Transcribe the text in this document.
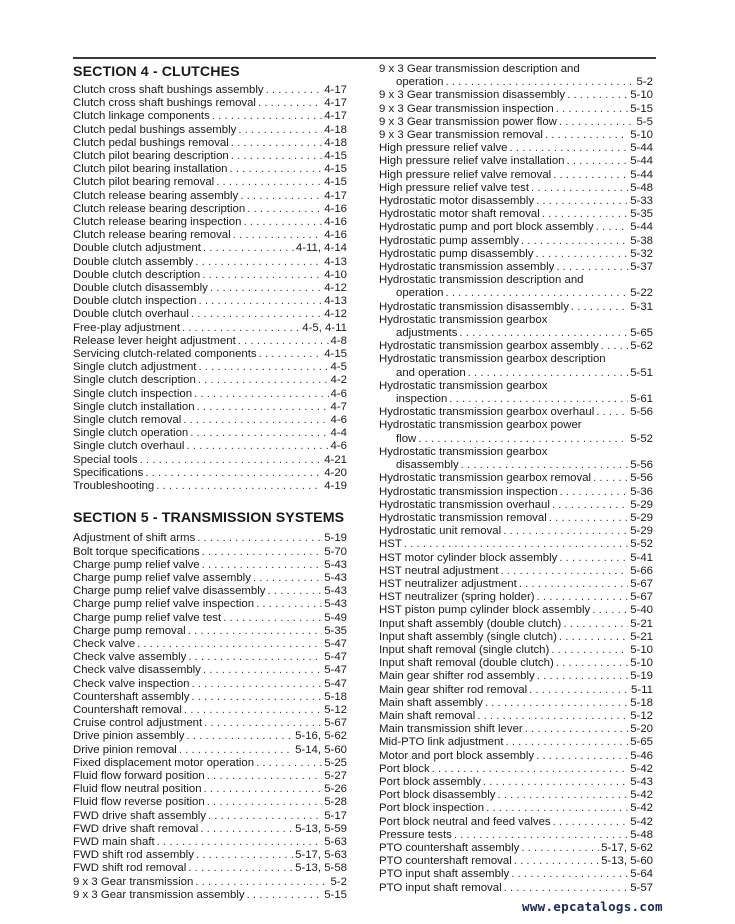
SECTION 4 - CLUTCHES
Clutch cross shaft bushings assembly . . .	4-17
Clutch cross shaft bushings removal . . .	4-17
Clutch linkage components . . .	4-17
Clutch pedal bushings assembly . . .	4-18
Clutch pedal bushings removal . . .	4-18
Clutch pilot bearing description . . .	4-15
Clutch pilot bearing installation . . .	4-15
Clutch pilot bearing removal . . .	4-15
Clutch release bearing assembly . . .	4-17
Clutch release bearing description . . .	4-16
Clutch release bearing inspection . . .	4-16
Clutch release bearing removal . . .	4-16
Double clutch adjustment . . .	4-11, 4-14
Double clutch assembly . . .	4-13
Double clutch description . . .	4-10
Double clutch disassembly . . .	4-12
Double clutch inspection . . .	4-13
Double clutch overhaul . . .	4-12
Free-play adjustment . . .	4-5, 4-11
Release lever height adjustment . . .	4-8
Servicing clutch-related components . . .	4-15
Single clutch adjustment . . .	4-5
Single clutch description . . .	4-2
Single clutch inspection . . .	4-6
Single clutch installation . . .	4-7
Single clutch removal . . .	4-6
Single clutch operation . . .	4-4
Single clutch overhaul . . .	4-6
Special tools . . .	4-21
Specifications . . .	4-20
Troubleshooting . . .	4-19
SECTION 5 - TRANSMISSION SYSTEMS
Adjustment of shift arms . . .	5-19
Bolt torque specifications . . .	5-70
Charge pump relief valve . . .	5-43
Charge pump relief valve assembly . . .	5-43
Charge pump relief valve disassembly . . .	5-43
Charge pump relief valve inspection . . .	5-43
Charge pump relief valve test . . .	5-49
Charge pump removal . . .	5-35
Check valve . . .	5-47
Check valve assembly . . .	5-47
Check valve disassembly . . .	5-47
Check valve inspection . . .	5-47
Countershaft assembly . . .	5-18
Countershaft removal . . .	5-12
Cruise control adjustment . . .	5-67
Drive pinion assembly . . .	5-16, 5-62
Drive pinion removal . . .	5-14, 5-60
Fixed displacement motor operation . . .	5-25
Fluid flow forward position . . .	5-27
Fluid flow neutral position . . .	5-26
Fluid flow reverse position . . .	5-28
FWD drive shaft assembly . . .	5-17
FWD drive shaft removal . . .	5-13, 5-59
FWD main shaft . . .	5-63
FWD shift rod assembly . . .	5-17, 5-63
FWD shift rod removal . . .	5-13, 5-58
9 x 3 Gear transmission . . .	5-2
9 x 3 Gear transmission assembly . . .	5-15
9 x 3 Gear transmission description and
operation . . .	5-2
9 x 3 Gear transmission disassembly . . .	5-10
9 x 3 Gear transmission inspection . . .	5-15
9 x 3 Gear transmission power flow . . .	5-5
9 x 3 Gear transmission removal . . .	5-10
High pressure relief valve . . .	5-44
High pressure relief valve installation . . .	5-44
High pressure relief valve removal . . .	5-44
High pressure relief valve test . . .	5-48
Hydrostatic motor disassembly . . .	5-33
Hydrostatic motor shaft removal . . .	5-35
Hydrostatic pump and port block assembly . . .	5-44
Hydrostatic pump assembly . . .	5-38
Hydrostatic pump disassembly . . .	5-32
Hydrostatic transmission assembly . . .	5-37
Hydrostatic transmission description and
operation . . .	5-22
Hydrostatic transmission disassembly . . .	5-31
Hydrostatic transmission gearbox
adjustments . . .	5-65
Hydrostatic transmission gearbox assembly . . .	5-62
Hydrostatic transmission gearbox description
and operation . . .	5-51
Hydrostatic transmission gearbox
inspection . . .	5-61
Hydrostatic transmission gearbox overhaul . . .	5-56
Hydrostatic transmission gearbox power
flow . . .	5-52
Hydrostatic transmission gearbox
disassembly . . .	5-56
Hydrostatic transmission gearbox removal . . .	5-56
Hydrostatic transmission inspection . . .	5-36
Hydrostatic transmission overhaul . . .	5-29
Hydrostatic transmission removal . . .	5-29
Hydrostatic unit removal . . .	5-29
HST . . .	5-52
HST motor cylinder block assembly . . .	5-41
HST neutral adjustment . . .	5-66
HST neutralizer adjustment . . .	5-67
HST neutralizer (spring holder) . . .	5-67
HST piston pump cylinder block assembly . . .	5-40
Input shaft assembly (double clutch) . . .	5-21
Input shaft assembly (single clutch) . . .	5-21
Input shaft removal (single clutch) . . .	5-10
Input shaft removal (double clutch) . . .	5-10
Main gear shifter rod assembly . . .	5-19
Main gear shifter rod removal . . .	5-11
Main shaft assembly . . .	5-18
Main shaft removal . . .	5-12
Main transmission shift lever . . .	5-20
Mid-PTO link adjustment . . .	5-65
Motor and port block assembly . . .	5-46
Port block . . .	5-42
Port block assembly . . .	5-43
Port block disassembly . . .	5-42
Port block inspection . . .	5-42
Port block neutral and feed valves . . .	5-42
Pressure tests . . .	5-48
PTO countershaft assembly . . .	5-17, 5-62
PTO countershaft removal . . .	5-13, 5-60
PTO input shaft assembly . . .	5-64
PTO input shaft removal . . .	5-57
www.epcatalogs.com
